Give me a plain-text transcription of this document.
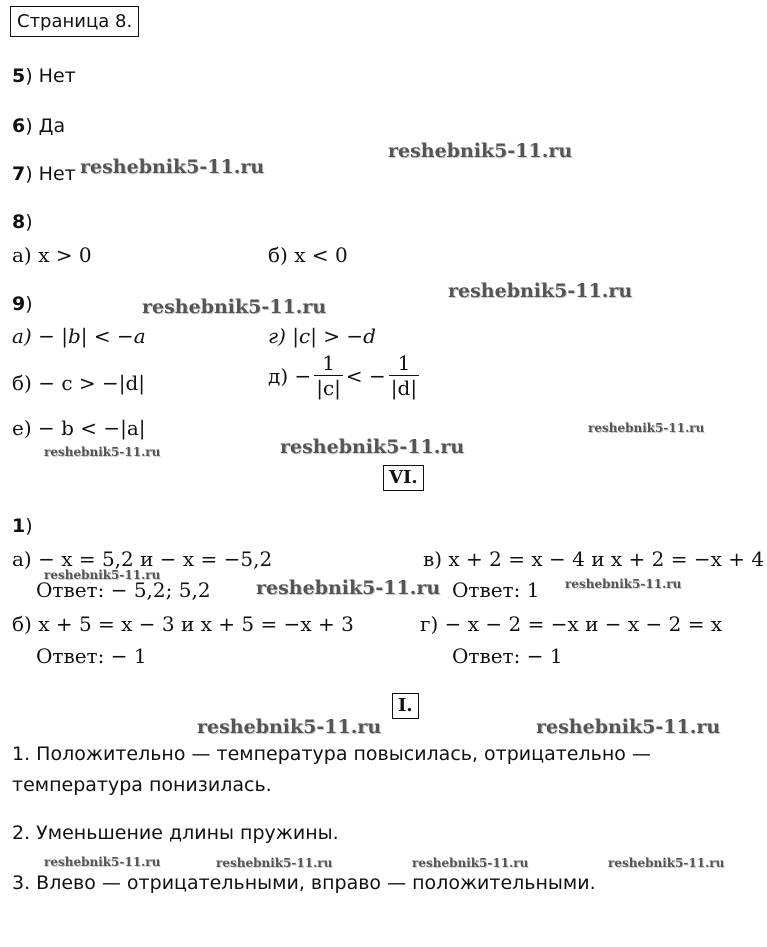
Страница 8.
5) Нет
6) Да
7) Нет
8)
а) x > 0	б) x < 0
9)
а) − |b| < −a	г) |c| > −d
б) − c > −|d|	$д) - \frac{1}{|c|}$ < − $\frac{1}{|d|}$
е) − b < −|a|
VI.
1)
а) − x = 5,2 и − x = −5,2
Ответ: − 5,2; 5,2
в) x + 2 = x − 4 и x + 2 = −x + 4
Ответ: 1
б) x + 5 = x − 3 и x + 5 = −x + 3
Ответ: − 1
г) − x − 2 = −x и − x − 2 = x
Ответ: − 1
I.
1. Положительно — температура повысилась, отрицательно —
температура понизилась.
2. Уменьшение длины пружины.
3. Влево — отрицательными, вправо — положительными.
reshebnik5-11.ru
reshebnik5-11.ru
reshebnik5-11.ru
reshebnik5-11.ru
reshebnik5-11.ru
reshebnik5-11.ru
reshebnik5-11.ru
reshebnik5-11.ru
reshebnik5-11.ru	reshebnik5-11.ru
reshebnik5-11.ru	reshebnik5-11.ru
reshebnik5-11.ru	reshebnik5-11.ru	reshebnik5-11.ru	reshebnik5-11.ru
